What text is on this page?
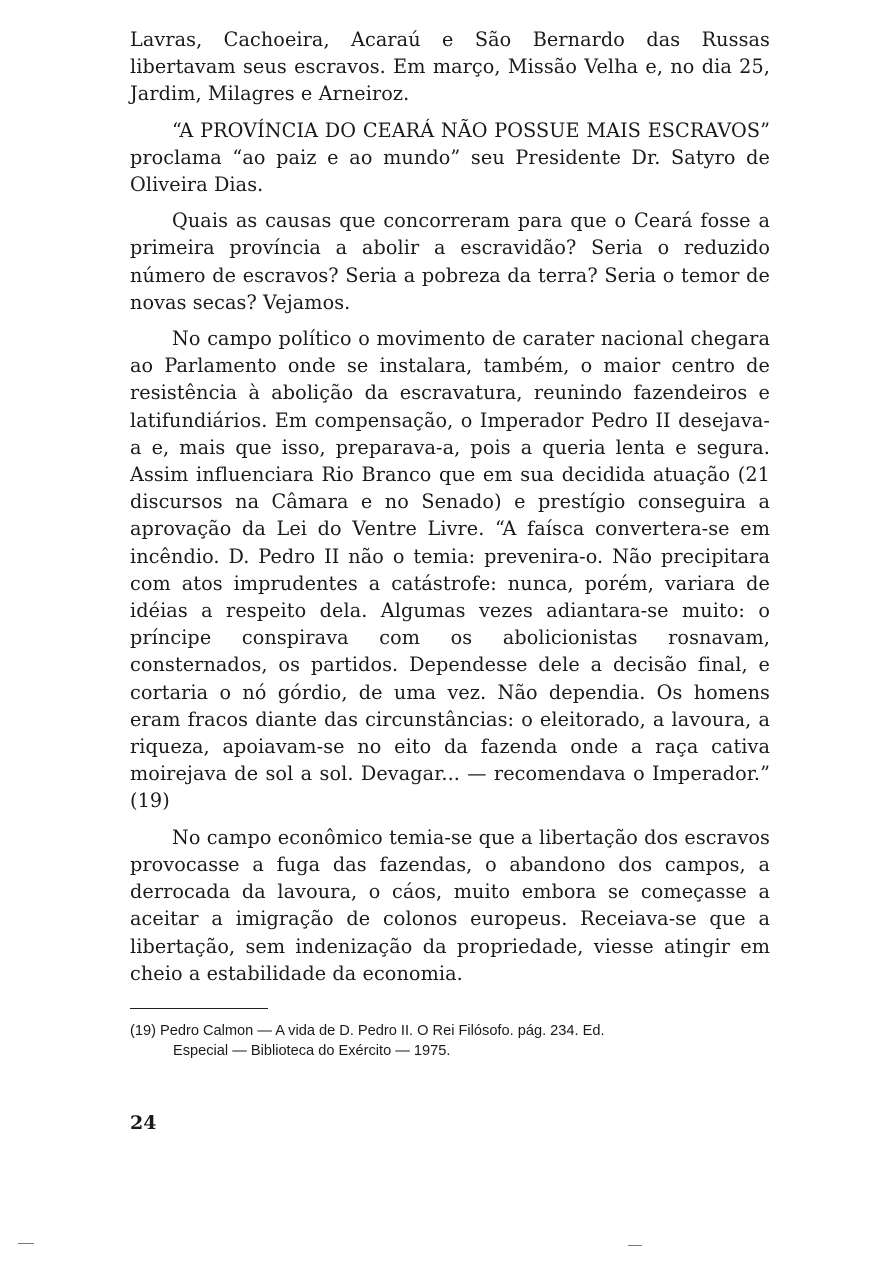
Lavras, Cachoeira, Acaraú e São Bernardo das Russas libertavam seus escravos. Em março, Missão Velha e, no dia 25, Jardim, Milagres e Arneiroz.

“A PROVÍNCIA DO CEARÁ NÃO POSSUE MAIS ESCRAVOS” proclama “ao paiz e ao mundo” seu Presidente Dr. Satyro de Oliveira Dias.

Quais as causas que concorreram para que o Ceará fosse a primeira província a abolir a escravidão? Seria o reduzido número de escravos? Seria a pobreza da terra? Seria o temor de novas secas? Vejamos.

No campo político o movimento de carater nacional chegara ao Parlamento onde se instalara, também, o maior centro de resistência à abolição da escravatura, reunindo fazendeiros e latifundiários. Em compensação, o Imperador Pedro II desejava-a e, mais que isso, preparava-a, pois a queria lenta e segura. Assim influenciara Rio Branco que em sua decidida atuação (21 discursos na Câmara e no Senado) e prestígio conseguira a aprovação da Lei do Ventre Livre. “A faísca convertera-se em incêndio. D. Pedro II não o temia: prevenira-o. Não precipitara com atos imprudentes a catástrofe: nunca, porém, variara de idéias a respeito dela. Algumas vezes adiantara-se muito: o príncipe conspirava com os abolicionistas rosnavam, consternados, os partidos. Dependesse dele a decisão final, e cortaria o nó górdio, de uma vez. Não dependia. Os homens eram fracos diante das circunstâncias: o eleitorado, a lavoura, a riqueza, apoiavam-se no eito da fazenda onde a raça cativa moirejava de sol a sol. Devagar... — recomendava o Imperador.” (19)

No campo econômico temia-se que a libertação dos escravos provocasse a fuga das fazendas, o abandono dos campos, a derrocada da lavoura, o cáos, muito embora se começasse a aceitar a imigração de colonos europeus. Receiava-se que a libertação, sem indenização da propriedade, viesse atingir em cheio a estabilidade da economia.

(19) Pedro Calmon — A vida de D. Pedro II. O Rei Filósofo. pág. 234. Ed.
Especial — Biblioteca do Exército — 1975.

24
